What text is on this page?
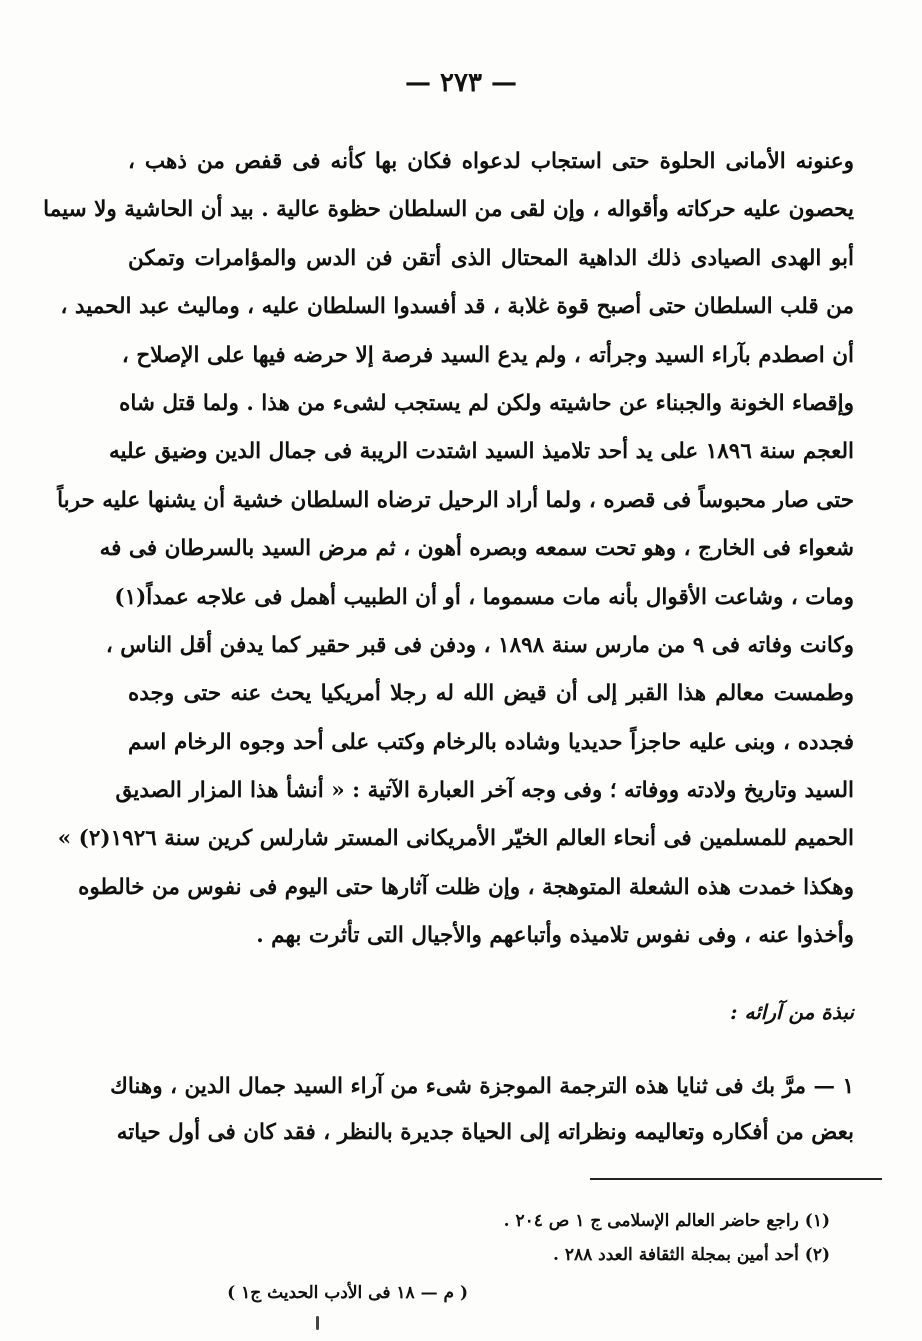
— ٢٧٣ —
وعنونه الأمانى الحلوة حتى استجاب لدعواه فكان بها كأنه فى قفص من ذهب ،
يحصون عليه حركاته وأقواله ، وإن لقى من السلطان حظوة عالية . بيد أن الحاشية ولا سيما
أبو الهدى الصيادى ذلك الداهية المحتال الذى أتقن فن الدس والمؤامرات وتمكن
من قلب السلطان حتى أصبح قوة غلابة ، قد أفسدوا السلطان عليه ، وماليث عبد الحميد ،
أن اصطدم بآراء السيد وجرأته ، ولم يدع السيد فرصة إلا حرضه فيها على الإصلاح ،
وإقصاء الخونة والجبناء عن حاشيته ولكن لم يستجب لشىء من هذا . ولما قتل شاه
العجم سنة ١٨٩٦ على يد أحد تلاميذ السيد اشتدت الريبة فى جمال الدين وضيق عليه
حتى صار محبوساً فى قصره ، ولما أراد الرحيل ترضاه السلطان خشية أن يشنها عليه حرباً
شعواء فى الخارج ، وهو تحت سمعه وبصره أهون ، ثم مرض السيد بالسرطان فى فه
ومات ، وشاعت الأقوال بأنه مات مسموما ، أو أن الطبيب أهمل فى علاجه عمداً(١)
وكانت وفاته فى ٩ من مارس سنة ١٨٩٨ ، ودفن فى قبر حقير كما يدفن أقل الناس ،
وطمست معالم هذا القبر إلى أن قيض الله له رجلا أمريكيا يحث عنه حتى وجده
فجدده ، وبنى عليه حاجزاً حديديا وشاده بالرخام وكتب على أحد وجوه الرخام اسم
السيد وتاريخ ولادته ووفاته ؛ وفى وجه آخر العبارة الآتية : « أنشأ هذا المزار الصديق
الحميم للمسلمين فى أنحاء العالم الخيّر الأمريكانى المستر شارلس كرين سنة ١٩٢٦(٢) »
وهكذا خمدت هذه الشعلة المتوهجة ، وإن ظلت آثارها حتى اليوم فى نفوس من خالطوه
وأخذوا عنه ، وفى نفوس تلاميذه وأتباعهم والأجيال التى تأثرت بهم .
نبذة من آرائه :
١ — مرَّ بك فى ثنايا هذه الترجمة الموجزة شىء من آراء السيد جمال الدين ، وهناك
بعض من أفكاره وتعاليمه ونظراته إلى الحياة جديرة بالنظر ، فقد كان فى أول حياته
(١) راجع حاضر العالم الإسلامى ج ١ ص ٢٠٤ .
(٢) أحد أمين بمجلة الثقافة العدد ٢٨٨ .
( م — ١٨ فى الأدب الحديث ج١ )
